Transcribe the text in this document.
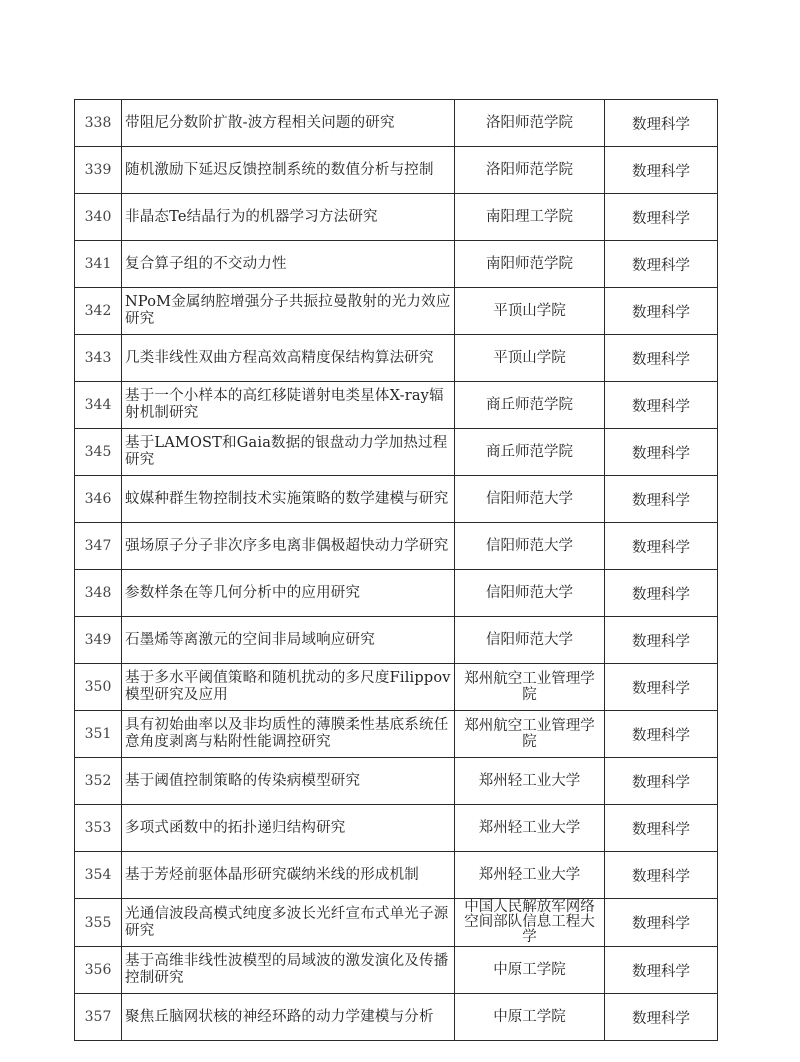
338	带阻尼分数阶扩散-波方程相关问题的研究	洛阳师范学院	数理科学

339	随机激励下延迟反馈控制系统的数值分析与控制	洛阳师范学院	数理科学

340	非晶态Te结晶行为的机器学习方法研究	南阳理工学院	数理科学

341	复合算子组的不交动力性	南阳师范学院	数理科学

342	NPoM金属纳腔增强分子共振拉曼散射的光力效应研究	平顶山学院	数理科学

343	几类非线性双曲方程高效高精度保结构算法研究	平顶山学院	数理科学

344	基于一个小样本的高红移陡谱射电类星体X-ray辐射机制研究	商丘师范学院	数理科学

345	基于LAMOST和Gaia数据的银盘动力学加热过程研究	商丘师范学院	数理科学

346	蚊媒种群生物控制技术实施策略的数学建模与研究	信阳师范大学	数理科学

347	强场原子分子非次序多电离非偶极超快动力学研究	信阳师范大学	数理科学

348	参数样条在等几何分析中的应用研究	信阳师范大学	数理科学

349	石墨烯等离激元的空间非局域响应研究	信阳师范大学	数理科学

350	基于多水平阈值策略和随机扰动的多尺度Filippov模型研究及应用	郑州航空工业管理学院	数理科学

351	具有初始曲率以及非均质性的薄膜柔性基底系统任意角度剥离与粘附性能调控研究	郑州航空工业管理学院	数理科学

352	基于阈值控制策略的传染病模型研究	郑州轻工业大学	数理科学

353	多项式函数中的拓扑递归结构研究	郑州轻工业大学	数理科学

354	基于芳烃前驱体晶形研究碳纳米线的形成机制	郑州轻工业大学	数理科学

355	光通信波段高模式纯度多波长光纤宣布式单光子源研究	中国人民解放军网络空间部队信息工程大学	数理科学

356	基于高维非线性波模型的局域波的激发演化及传播控制研究	中原工学院	数理科学

357	聚焦丘脑网状核的神经环路的动力学建模与分析	中原工学院	数理科学
